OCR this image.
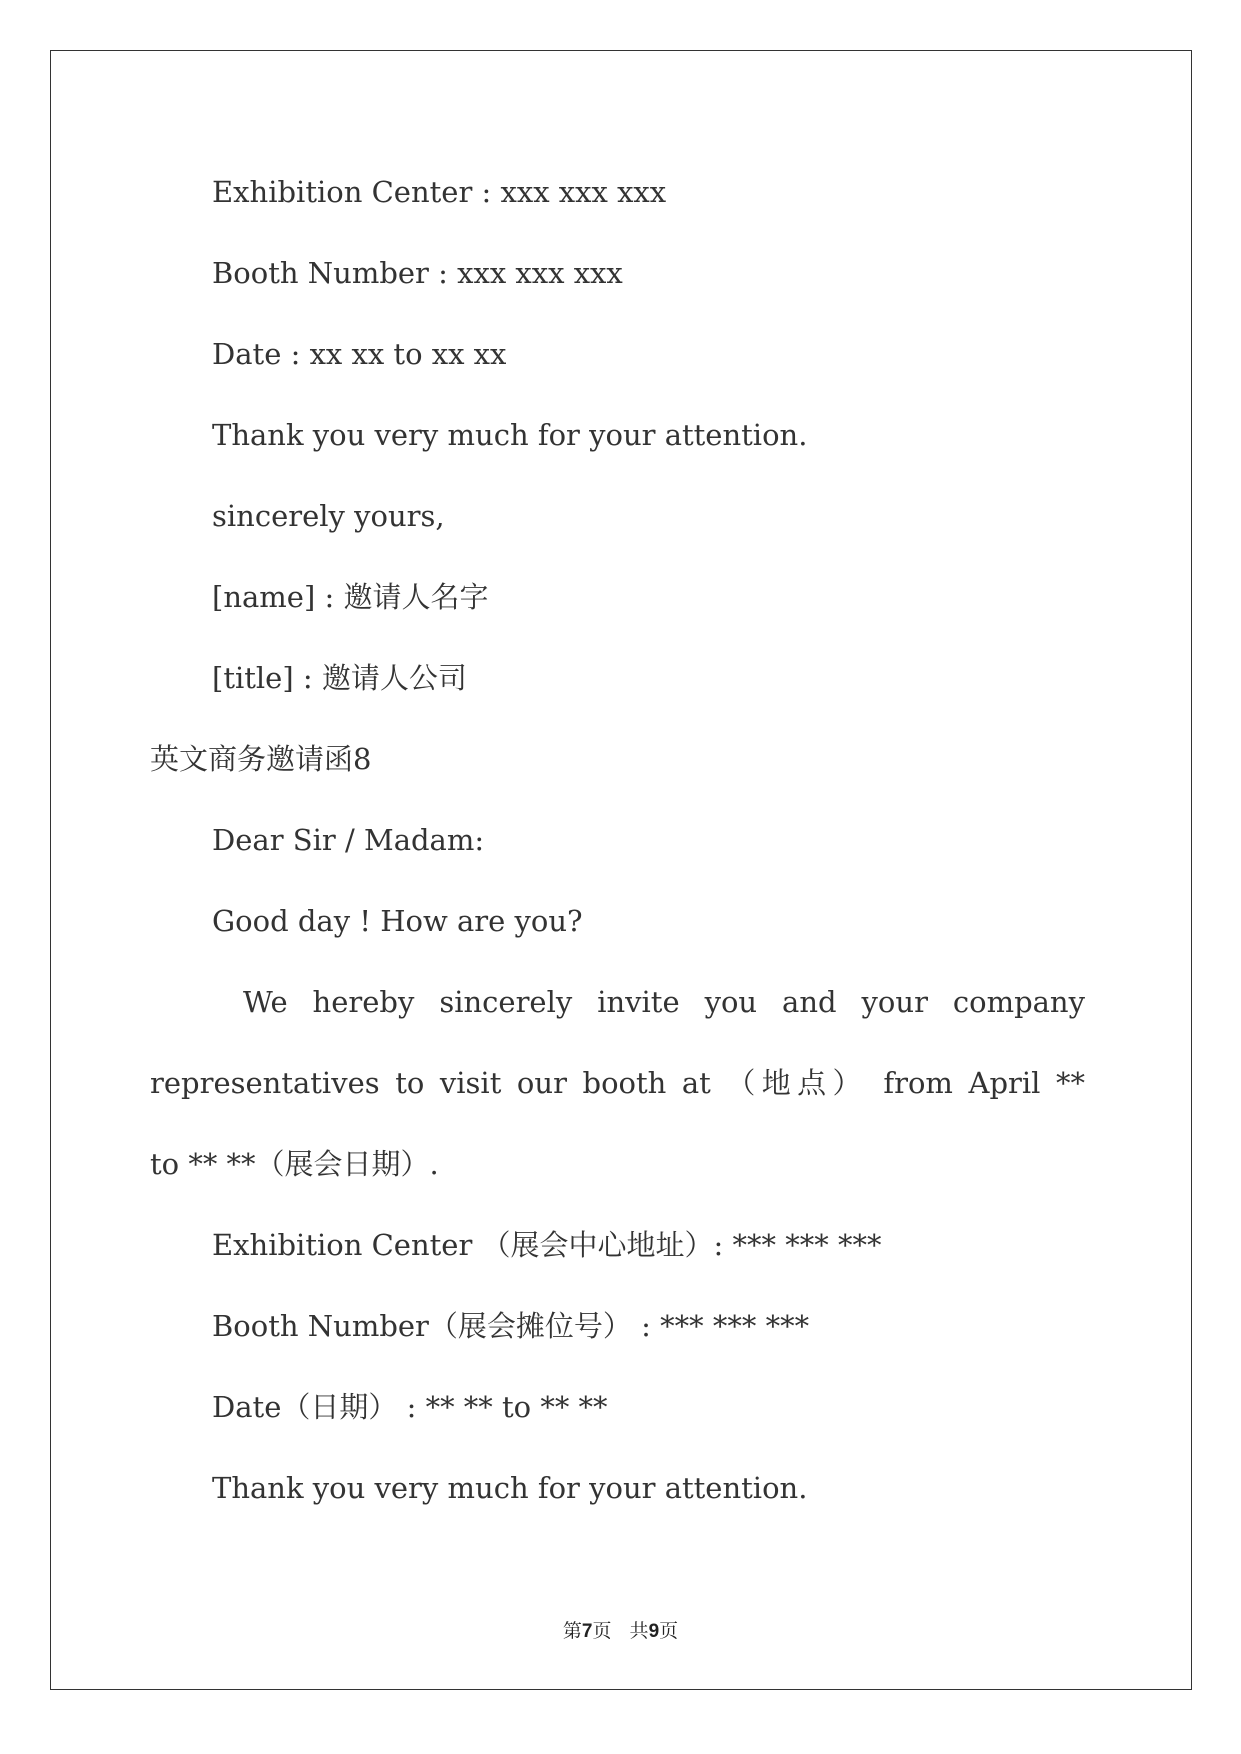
Exhibition Center : xxx xxx xxx

Booth Number : xxx xxx xxx

Date : xx xx to xx xx

Thank you very much for your attention.

sincerely yours,

[name] : 邀请人名字

[title] : 邀请人公司

英文商务邀请函8

Dear Sir / Madam:

Good day ! How are you?

We hereby sincerely invite you and your company

representatives to visit our booth at （地点） from April **

to ** **（展会日期）.

Exhibition Center （展会中心地址）: *** *** ***

Booth Number（展会摊位号） : *** *** ***

Date（日期） : ** ** to ** **

Thank you very much for your attention.

第7页   共9页
